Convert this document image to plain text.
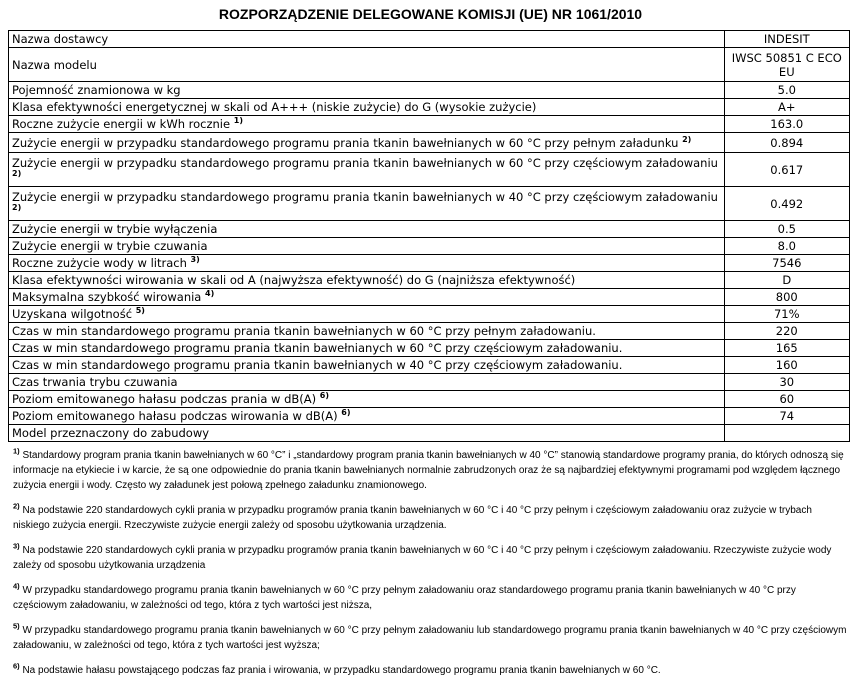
ROZPORZĄDZENIE DELEGOWANE KOMISJI (UE) NR 1061/2010
Nazwa dostawcy	INDESIT
Nazwa modelu	IWSC 50851 C ECO EU
Pojemność znamionowa w kg	5.0
Klasa efektywności energetycznej w skali od A+++ (niskie zużycie) do G (wysokie zużycie)	A+
Roczne zużycie energii w kWh rocznie $^{1)}$	163.0
Zużycie energii w przypadku standardowego programu prania tkanin bawełnianych w 60 °C przy pełnym załadunku $^{2)}$	0.894
Zużycie energii w przypadku standardowego programu prania tkanin bawełnianych w 60 °C przy częściowym załadowaniu $^{2)}$	0.617
Zużycie energii w przypadku standardowego programu prania tkanin bawełnianych w 40 °C przy częściowym załadowaniu $^{2)}$	0.492
Zużycie energii w trybie wyłączenia	0.5
Zużycie energii w trybie czuwania	8.0
Roczne zużycie wody w litrach $^{3)}$	7546
Klasa efektywności wirowania w skali od A (najwyższa efektywność) do G (najniższa efektywność)	D
Maksymalna szybkość wirowania $^{4)}$	800
Uzyskana wilgotność $^{5)}$	71%
Czas w min standardowego programu prania tkanin bawełnianych w 60 °C przy pełnym załadowaniu.	220
Czas w min standardowego programu prania tkanin bawełnianych w 60 °C przy częściowym załadowaniu.	165
Czas w min standardowego programu prania tkanin bawełnianych w 40 °C przy częściowym załadowaniu.	160
Czas trwania trybu czuwania	30
Poziom emitowanego hałasu podczas prania w dB(A) $^{6)}$	60
Poziom emitowanego hałasu podczas wirowania w dB(A) $^{6)}$	74
Model przeznaczony do zabudowy	
$^{1)}$ Standardowy program prania tkanin bawełnianych w 60 °C” i „standardowy program prania tkanin bawełnianych w 40 °C” stanowią standardowe programy prania, do których odnoszą się informacje na etykiecie i w karcie, że są one odpowiednie do prania tkanin bawełnianych normalnie zabrudzonych oraz że są najbardziej efektywnymi programami pod względem łącznego zużycia energii i wody. Często wy załadunek jest połową zpełnego załadunku znamionowego.
$^{2)}$ Na podstawie 220 standardowych cykli prania w przypadku programów prania tkanin bawełnianych w 60 °C i 40 °C przy pełnym i częściowym załadowaniu oraz zużycie w trybach niskiego zużycia energii. Rzeczywiste zużycie energii zależy od sposobu użytkowania urządzenia.
$^{3)}$ Na podstawie 220 standardowych cykli prania w przypadku programów prania tkanin bawełnianych w 60 °C i 40 °C przy pełnym i częściowym załadowaniu. Rzeczywiste zużycie wody zależy od sposobu użytkowania urządzenia
$^{4)}$ W przypadku standardowego programu prania tkanin bawełnianych w 60 °C przy pełnym załadowaniu oraz standardowego programu prania tkanin bawełnianych w 40 °C przy częściowym załadowaniu, w zależności od tego, która z tych wartości jest niższa,
$^{5)}$ W przypadku standardowego programu prania tkanin bawełnianych w 60 °C przy pełnym załadowaniu lub standardowego programu prania tkanin bawełnianych w 40 °C przy częściowym załadowaniu, w zależności od tego, która z tych wartości jest wyższa;
$^{6)}$ Na podstawie hałasu powstającego podczas faz prania i wirowania, w przypadku standardowego programu prania tkanin bawełnianych w 60 °C.
